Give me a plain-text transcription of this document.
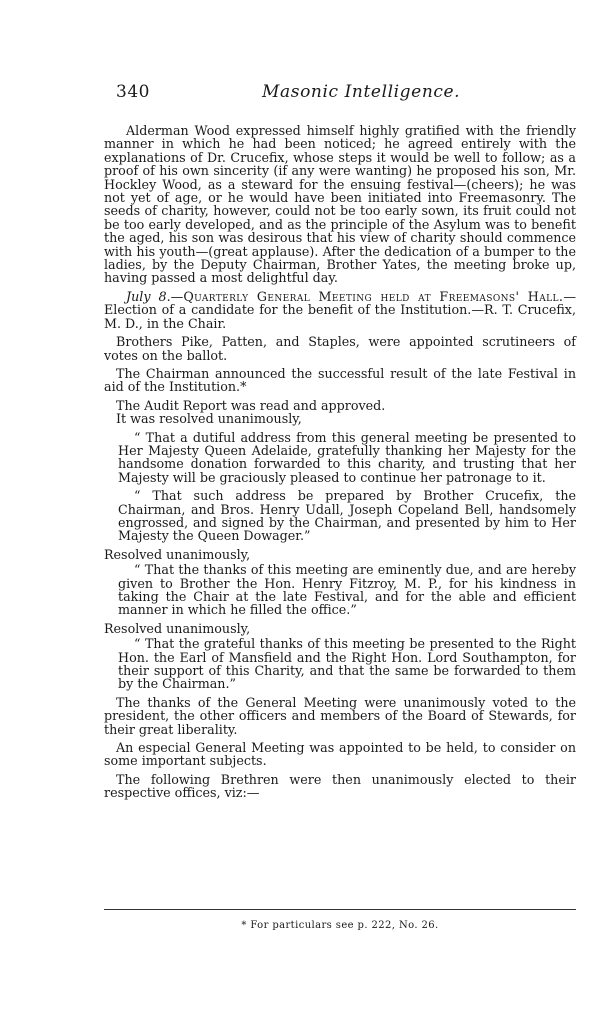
340	Masonic Intelligence.

Alderman Wood expressed himself highly gratified with the friendly manner in which he had been noticed; he agreed entirely with the explanations of Dr. Crucefix, whose steps it would be well to follow; as a proof of his own sincerity (if any were wanting) he proposed his son, Mr. Hockley Wood, as a steward for the ensuing festival—(cheers); he was not yet of age, or he would have been initiated into Freemasonry. The seeds of charity, however, could not be too early sown, its fruit could not be too early developed, and as the principle of the Asylum was to benefit the aged, his son was desirous that his view of charity should commence with his youth—(great applause). After the dedication of a bumper to the ladies, by the Deputy Chairman, Brother Yates, the meeting broke up, having passed a most delightful day.

July 8.—Quarterly General Meeting held at Freemasons' Hall.—Election of a candidate for the benefit of the Institution.—R. T. Crucefix, M. D., in the Chair.

Brothers Pike, Patten, and Staples, were appointed scrutineers of votes on the ballot.

The Chairman announced the successful result of the late Festival in aid of the Institution.*

The Audit Report was read and approved.

It was resolved unanimously,

“ That a dutiful address from this general meeting be presented to Her Majesty Queen Adelaide, gratefully thanking her Majesty for the handsome donation forwarded to this charity, and trusting that her Majesty will be graciously pleased to continue her patronage to it.

“ That such address be prepared by Brother Crucefix, the Chairman, and Bros. Henry Udall, Joseph Copeland Bell, handsomely engrossed, and signed by the Chairman, and presented by him to Her Majesty the Queen Dowager.”

Resolved unanimously,

“ That the thanks of this meeting are eminently due, and are hereby given to Brother the Hon. Henry Fitzroy, M. P., for his kindness in taking the Chair at the late Festival, and for the able and efficient manner in which he filled the office.”

Resolved unanimously,

“ That the grateful thanks of this meeting be presented to the Right Hon. the Earl of Mansfield and the Right Hon. Lord Southampton, for their support of this Charity, and that the same be forwarded to them by the Chairman.”

The thanks of the General Meeting were unanimously voted to the president, the other officers and members of the Board of Stewards, for their great liberality.

An especial General Meeting was appointed to be held, to consider on some important subjects.

The following Brethren were then unanimously elected to their respective offices, viz:—

* For particulars see p. 222, No. 26.
